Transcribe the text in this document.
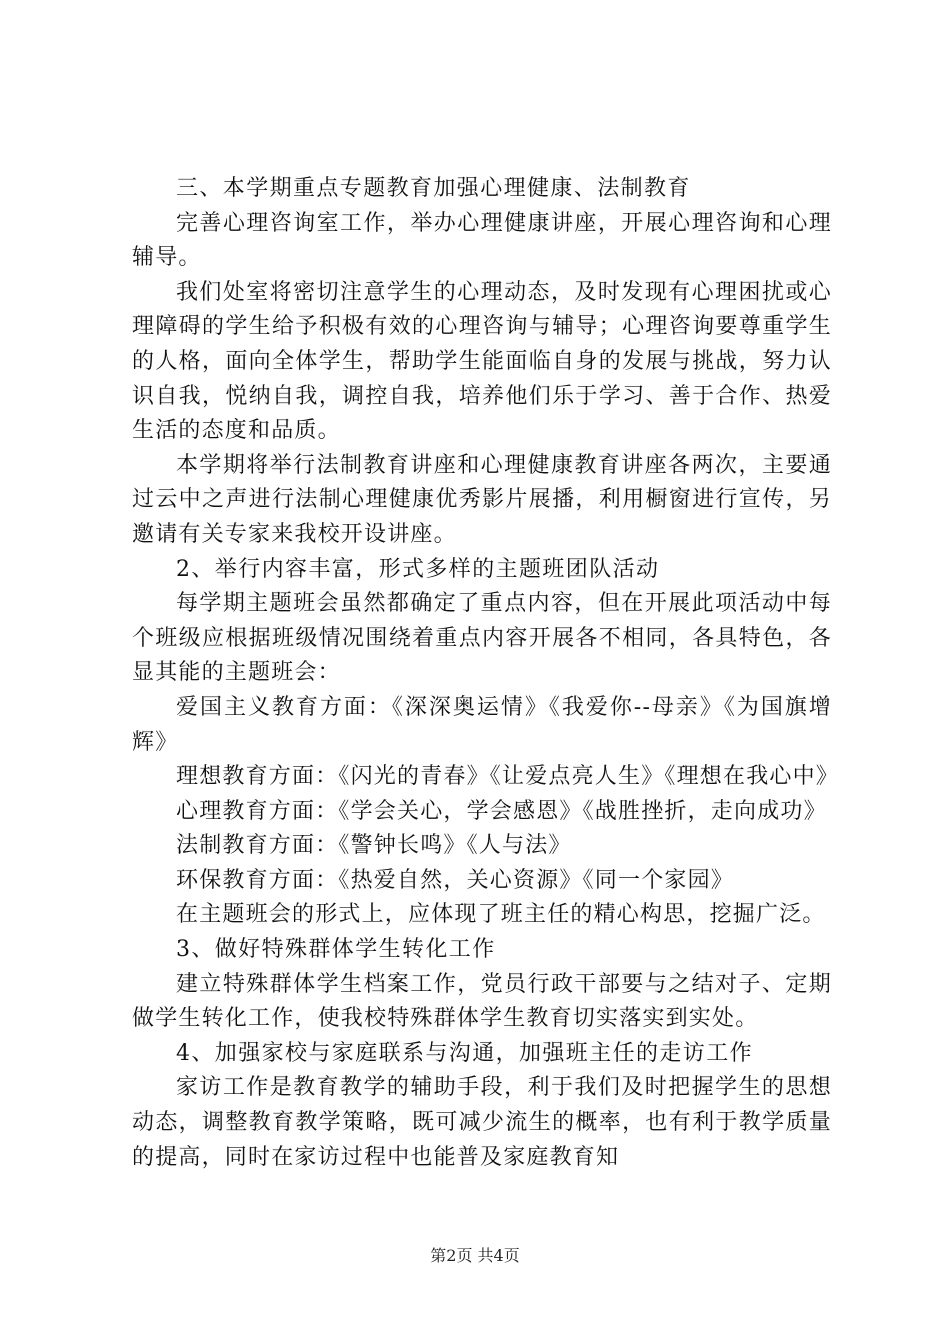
三、本学期重点专题教育加强心理健康、法制教育

完善心理咨询室工作，举办心理健康讲座，开展心理咨询和心理辅导。

我们处室将密切注意学生的心理动态，及时发现有心理困扰或心理障碍的学生给予积极有效的心理咨询与辅导；心理咨询要尊重学生的人格，面向全体学生，帮助学生能面临自身的发展与挑战，努力认识自我，悦纳自我，调控自我，培养他们乐于学习、善于合作、热爱生活的态度和品质。

本学期将举行法制教育讲座和心理健康教育讲座各两次，主要通过云中之声进行法制心理健康优秀影片展播，利用橱窗进行宣传，另邀请有关专家来我校开设讲座。

2、举行内容丰富，形式多样的主题班团队活动

每学期主题班会虽然都确定了重点内容，但在开展此项活动中每个班级应根据班级情况围绕着重点内容开展各不相同，各具特色，各显其能的主题班会：

爱国主义教育方面：《深深奥运情》《我爱你--母亲》《为国旗增辉》

理想教育方面：《闪光的青春》《让爱点亮人生》《理想在我心中》

心理教育方面：《学会关心，学会感恩》《战胜挫折，走向成功》

法制教育方面：《警钟长鸣》《人与法》

环保教育方面：《热爱自然，关心资源》《同一个家园》

在主题班会的形式上，应体现了班主任的精心构思，挖掘广泛。

3、做好特殊群体学生转化工作

建立特殊群体学生档案工作，党员行政干部要与之结对子、定期做学生转化工作，使我校特殊群体学生教育切实落实到实处。

4、加强家校与家庭联系与沟通，加强班主任的走访工作

家访工作是教育教学的辅助手段，利于我们及时把握学生的思想动态，调整教育教学策略，既可减少流生的概率，也有利于教学质量的提高，同时在家访过程中也能普及家庭教育知

第2页 共4页
